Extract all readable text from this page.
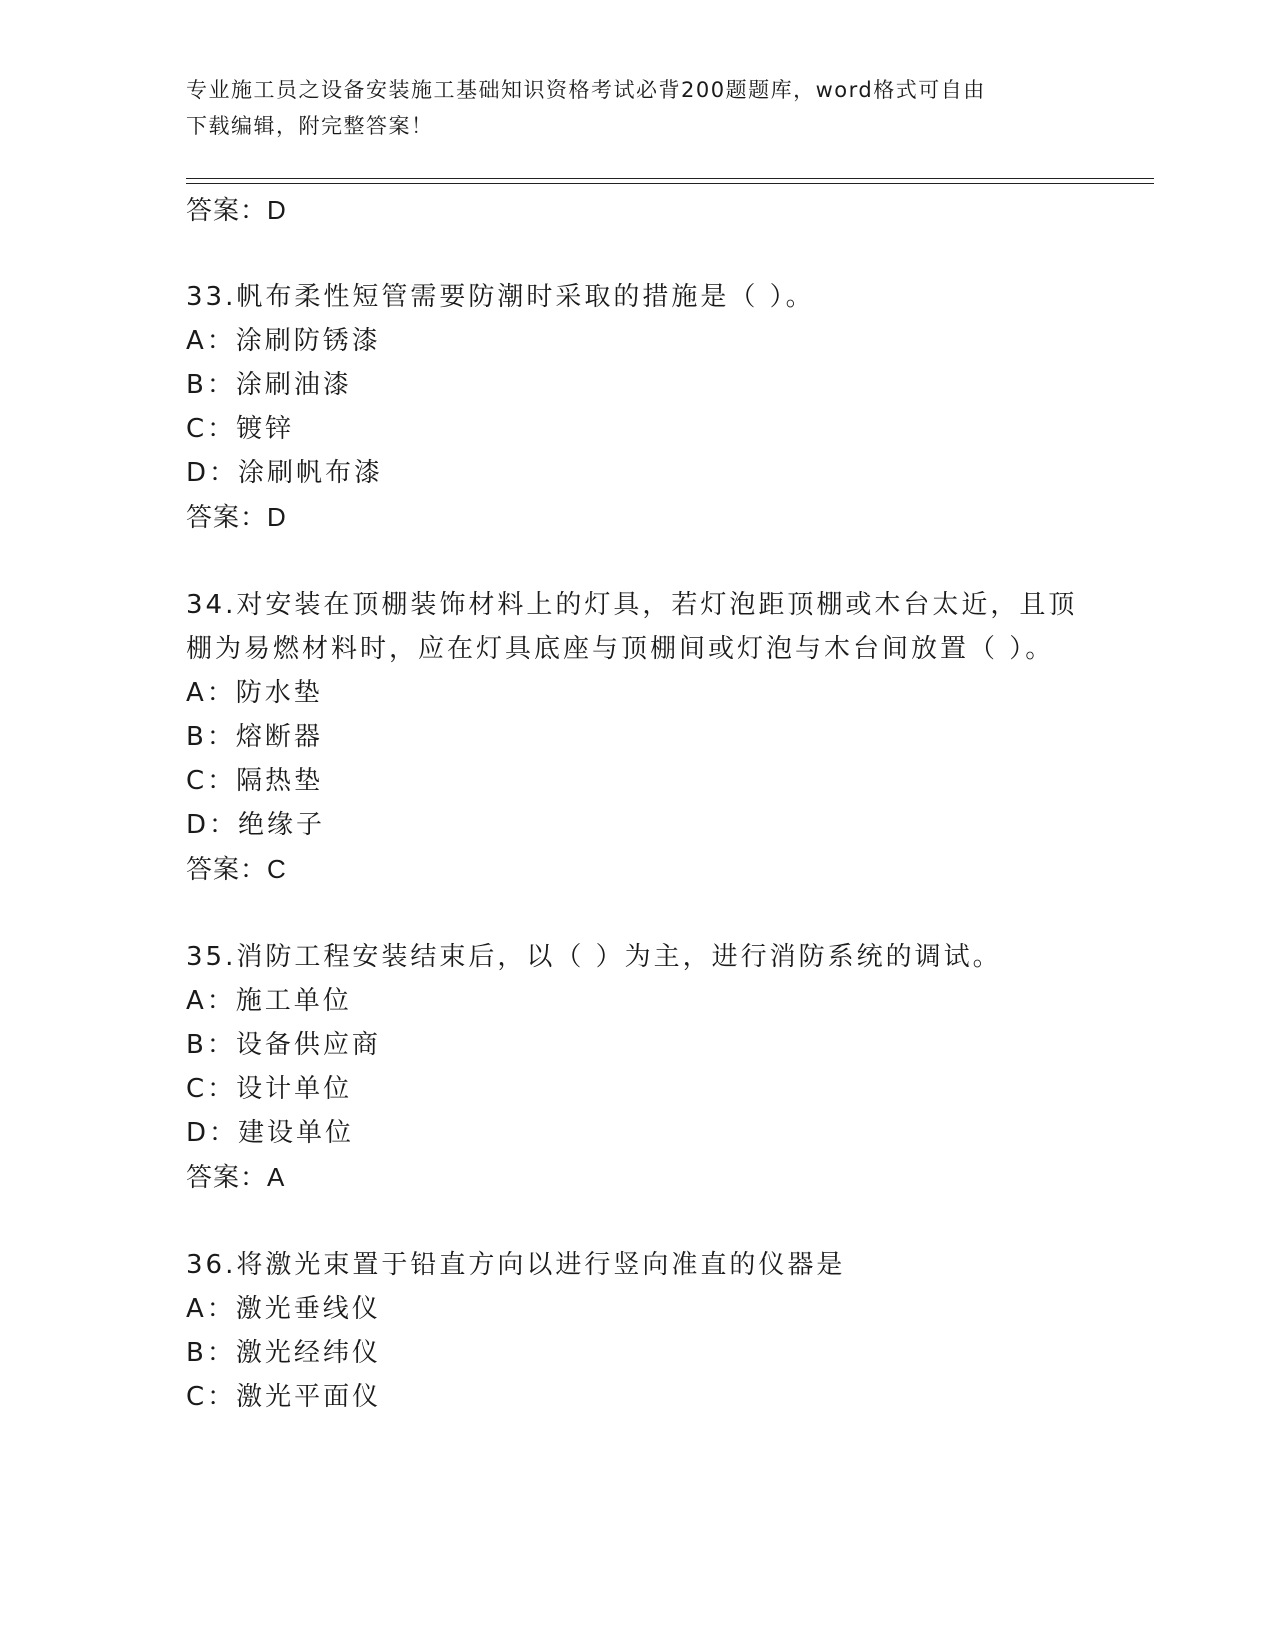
专业施工员之设备安装施工基础知识资格考试必背200题题库，word格式可自由
下载编辑，附完整答案！
答案：D
33.帆布柔性短管需要防潮时采取的措施是（ ）。
A：涂刷防锈漆
B：涂刷油漆
C：镀锌
D：涂刷帆布漆
答案：D
34.对安装在顶棚装饰材料上的灯具，若灯泡距顶棚或木台太近，且顶
棚为易燃材料时，应在灯具底座与顶棚间或灯泡与木台间放置（ ）。
A：防水垫
B：熔断器
C：隔热垫
D：绝缘子
答案：C
35.消防工程安装结束后，以（ ）为主，进行消防系统的调试。
A：施工单位
B：设备供应商
C：设计单位
D：建设单位
答案：A
36.将激光束置于铅直方向以进行竖向准直的仪器是
A：激光垂线仪
B：激光经纬仪
C：激光平面仪
